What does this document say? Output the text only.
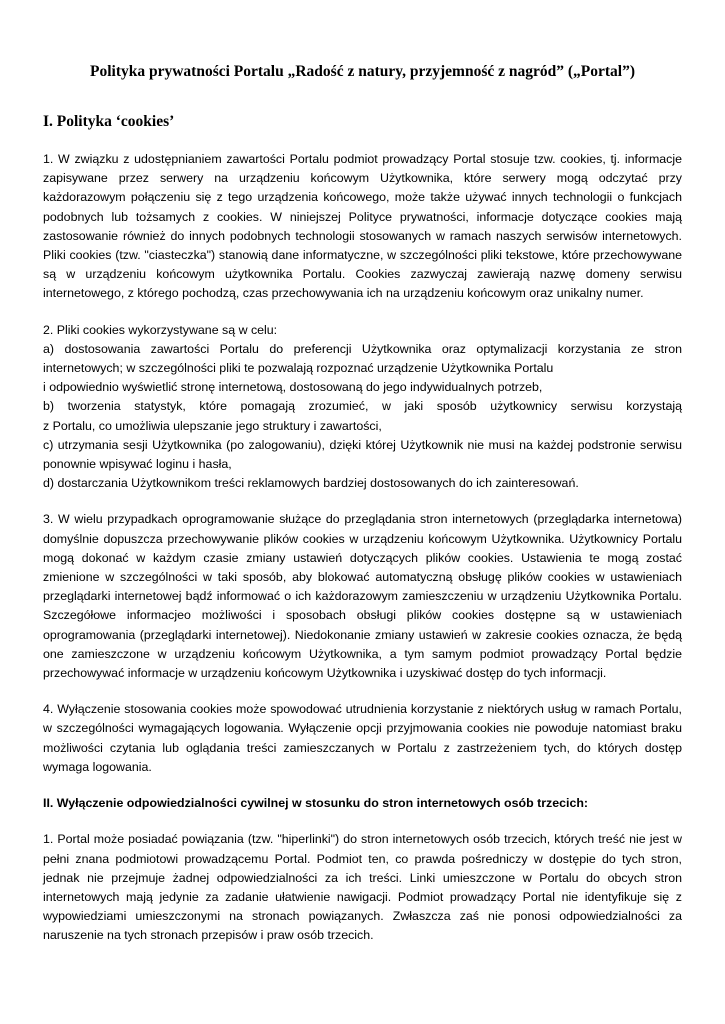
Polityka prywatności Portalu „Radość z natury, przyjemność z nagród” („Portal”)
I. Polityka ‘cookies’
1. W związku z udostępnianiem zawartości Portalu podmiot prowadzący Portal stosuje tzw. cookies, tj. informacje zapisywane przez serwery na urządzeniu końcowym Użytkownika, które serwery mogą odczytać przy każdorazowym połączeniu się z tego urządzenia końcowego, może także używać innych technologii o funkcjach podobnych lub tożsamych z cookies. W niniejszej Polityce prywatności, informacje dotyczące cookies mają zastosowanie również do innych podobnych technologii stosowanych w ramach naszych serwisów internetowych. Pliki cookies (tzw. "ciasteczka") stanowią dane informatyczne, w szczególności pliki tekstowe, które przechowywane są w urządzeniu końcowym użytkownika Portalu. Cookies zazwyczaj zawierają nazwę domeny serwisu internetowego, z którego pochodzą, czas przechowywania ich na urządzeniu końcowym oraz unikalny numer.
2. Pliki cookies wykorzystywane są w celu:
a) dostosowania zawartości Portalu do preferencji Użytkownika oraz optymalizacji korzystania ze stron internetowych; w szczególności pliki te pozwalają rozpoznać urządzenie Użytkownika Portalu
i odpowiednio wyświetlić stronę internetową, dostosowaną do jego indywidualnych potrzeb,
b) tworzenia statystyk, które pomagają zrozumieć, w jaki sposób użytkownicy serwisu korzystają
z Portalu, co umożliwia ulepszanie jego struktury i zawartości,
c) utrzymania sesji Użytkownika (po zalogowaniu), dzięki której Użytkownik nie musi na każdej podstronie serwisu
ponownie wpisywać loginu i hasła,
d) dostarczania Użytkownikom treści reklamowych bardziej dostosowanych do ich zainteresowań.
3. W wielu przypadkach oprogramowanie służące do przeglądania stron internetowych (przeglądarka internetowa) domyślnie dopuszcza przechowywanie plików cookies w urządzeniu końcowym Użytkownika. Użytkownicy Portalu mogą dokonać w każdym czasie zmiany ustawień dotyczących plików cookies. Ustawienia te mogą zostać zmienione w szczególności w taki sposób, aby blokować automatyczną obsługę plików cookies w ustawieniach przeglądarki internetowej bądź informować o ich każdorazowym zamieszczeniu w urządzeniu Użytkownika Portalu. Szczegółowe informacjeo możliwości i sposobach obsługi plików cookies dostępne są w ustawieniach oprogramowania (przeglądarki internetowej). Niedokonanie zmiany ustawień w zakresie cookies oznacza, że będą one zamieszczone w urządzeniu końcowym Użytkownika, a tym samym podmiot prowadzący Portal będzie przechowywać informacje w urządzeniu końcowym Użytkownika i uzyskiwać dostęp do tych informacji.
4. Wyłączenie stosowania cookies może spowodować utrudnienia korzystanie z niektórych usług w ramach Portalu, w szczególności wymagających logowania. Wyłączenie opcji przyjmowania cookies nie powoduje natomiast braku możliwości czytania lub oglądania treści zamieszczanych w Portalu z zastrzeżeniem tych, do których dostęp wymaga logowania.
II. Wyłączenie odpowiedzialności cywilnej w stosunku do stron internetowych osób trzecich:
1. Portal może posiadać powiązania (tzw. "hiperlinki") do stron internetowych osób trzecich, których treść nie jest w pełni znana podmiotowi prowadzącemu Portal. Podmiot ten, co prawda pośredniczy w dostępie do tych stron, jednak nie przejmuje żadnej odpowiedzialności za ich treści. Linki umieszczone w Portalu do obcych stron internetowych mają jedynie za zadanie ułatwienie nawigacji. Podmiot prowadzący Portal nie identyfikuje się z wypowiedziami umieszczonymi na stronach powiązanych. Zwłaszcza zaś nie ponosi odpowiedzialności za naruszenie na tych stronach przepisów i praw osób trzecich.
